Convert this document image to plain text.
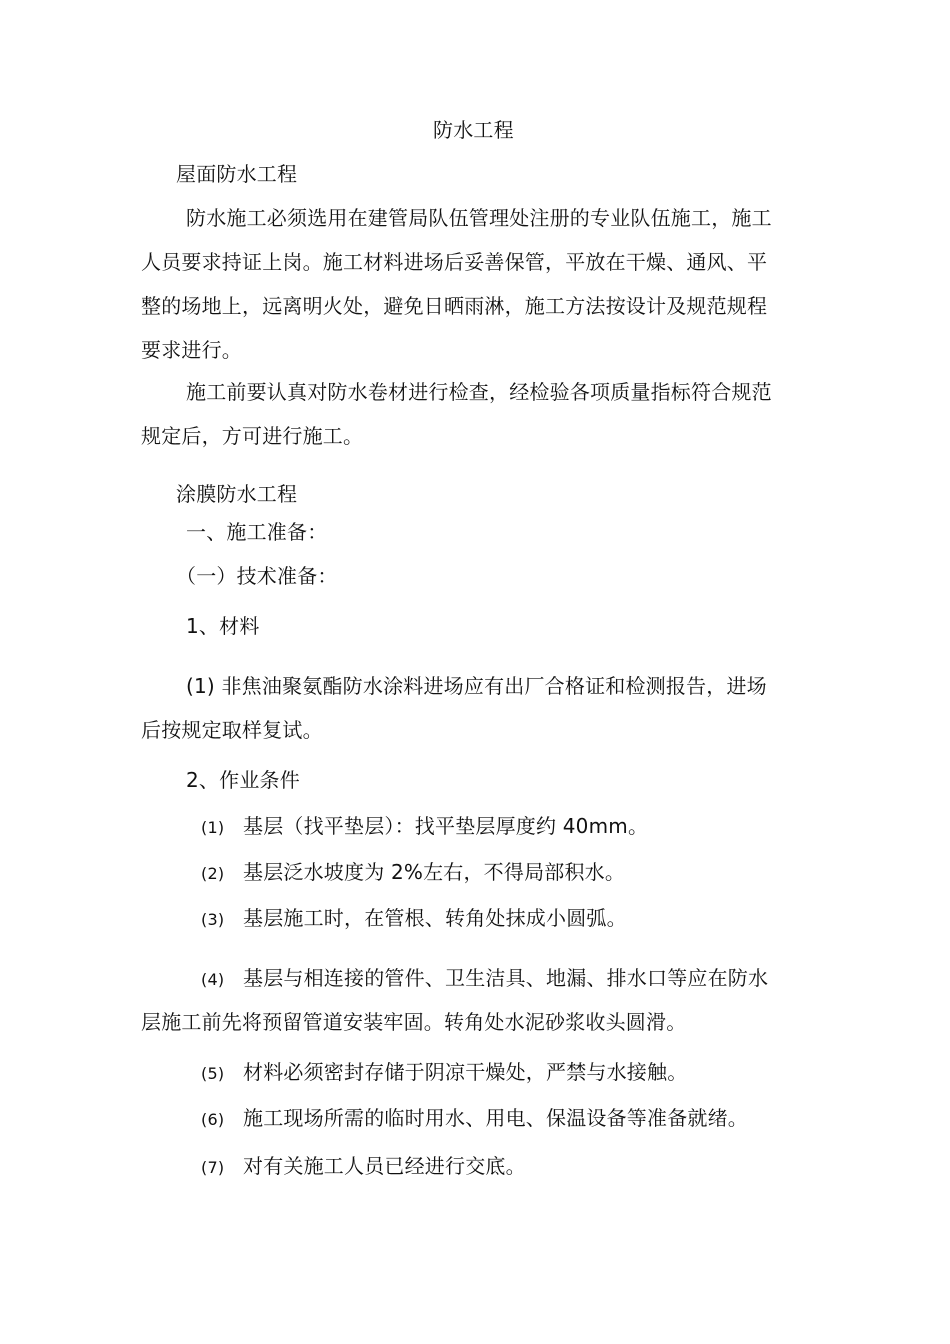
防水工程
屋面防水工程
防水施工必须选用在建管局队伍管理处注册的专业队伍施工，施工
人员要求持证上岗。施工材料进场后妥善保管，平放在干燥、通风、平
整的场地上，远离明火处，避免日晒雨淋，施工方法按设计及规范规程
要求进行。
施工前要认真对防水卷材进行检查，经检验各项质量指标符合规范
规定后，方可进行施工。
涂膜防水工程
一、施工准备：
（一）技术准备：
1、材料
(1) 非焦油聚氨酯防水涂料进场应有出厂合格证和检测报告，进场
后按规定取样复试。
2、作业条件
(1) 基层（找平垫层）：找平垫层厚度约 40mm。
(2) 基层泛水坡度为 2%左右，不得局部积水。
(3) 基层施工时，在管根、转角处抹成小圆弧。
(4) 基层与相连接的管件、卫生洁具、地漏、排水口等应在防水
层施工前先将预留管道安装牢固。转角处水泥砂浆收头圆滑。
(5) 材料必须密封存储于阴凉干燥处，严禁与水接触。
(6) 施工现场所需的临时用水、用电、保温设备等准备就绪。
(7) 对有关施工人员已经进行交底。
